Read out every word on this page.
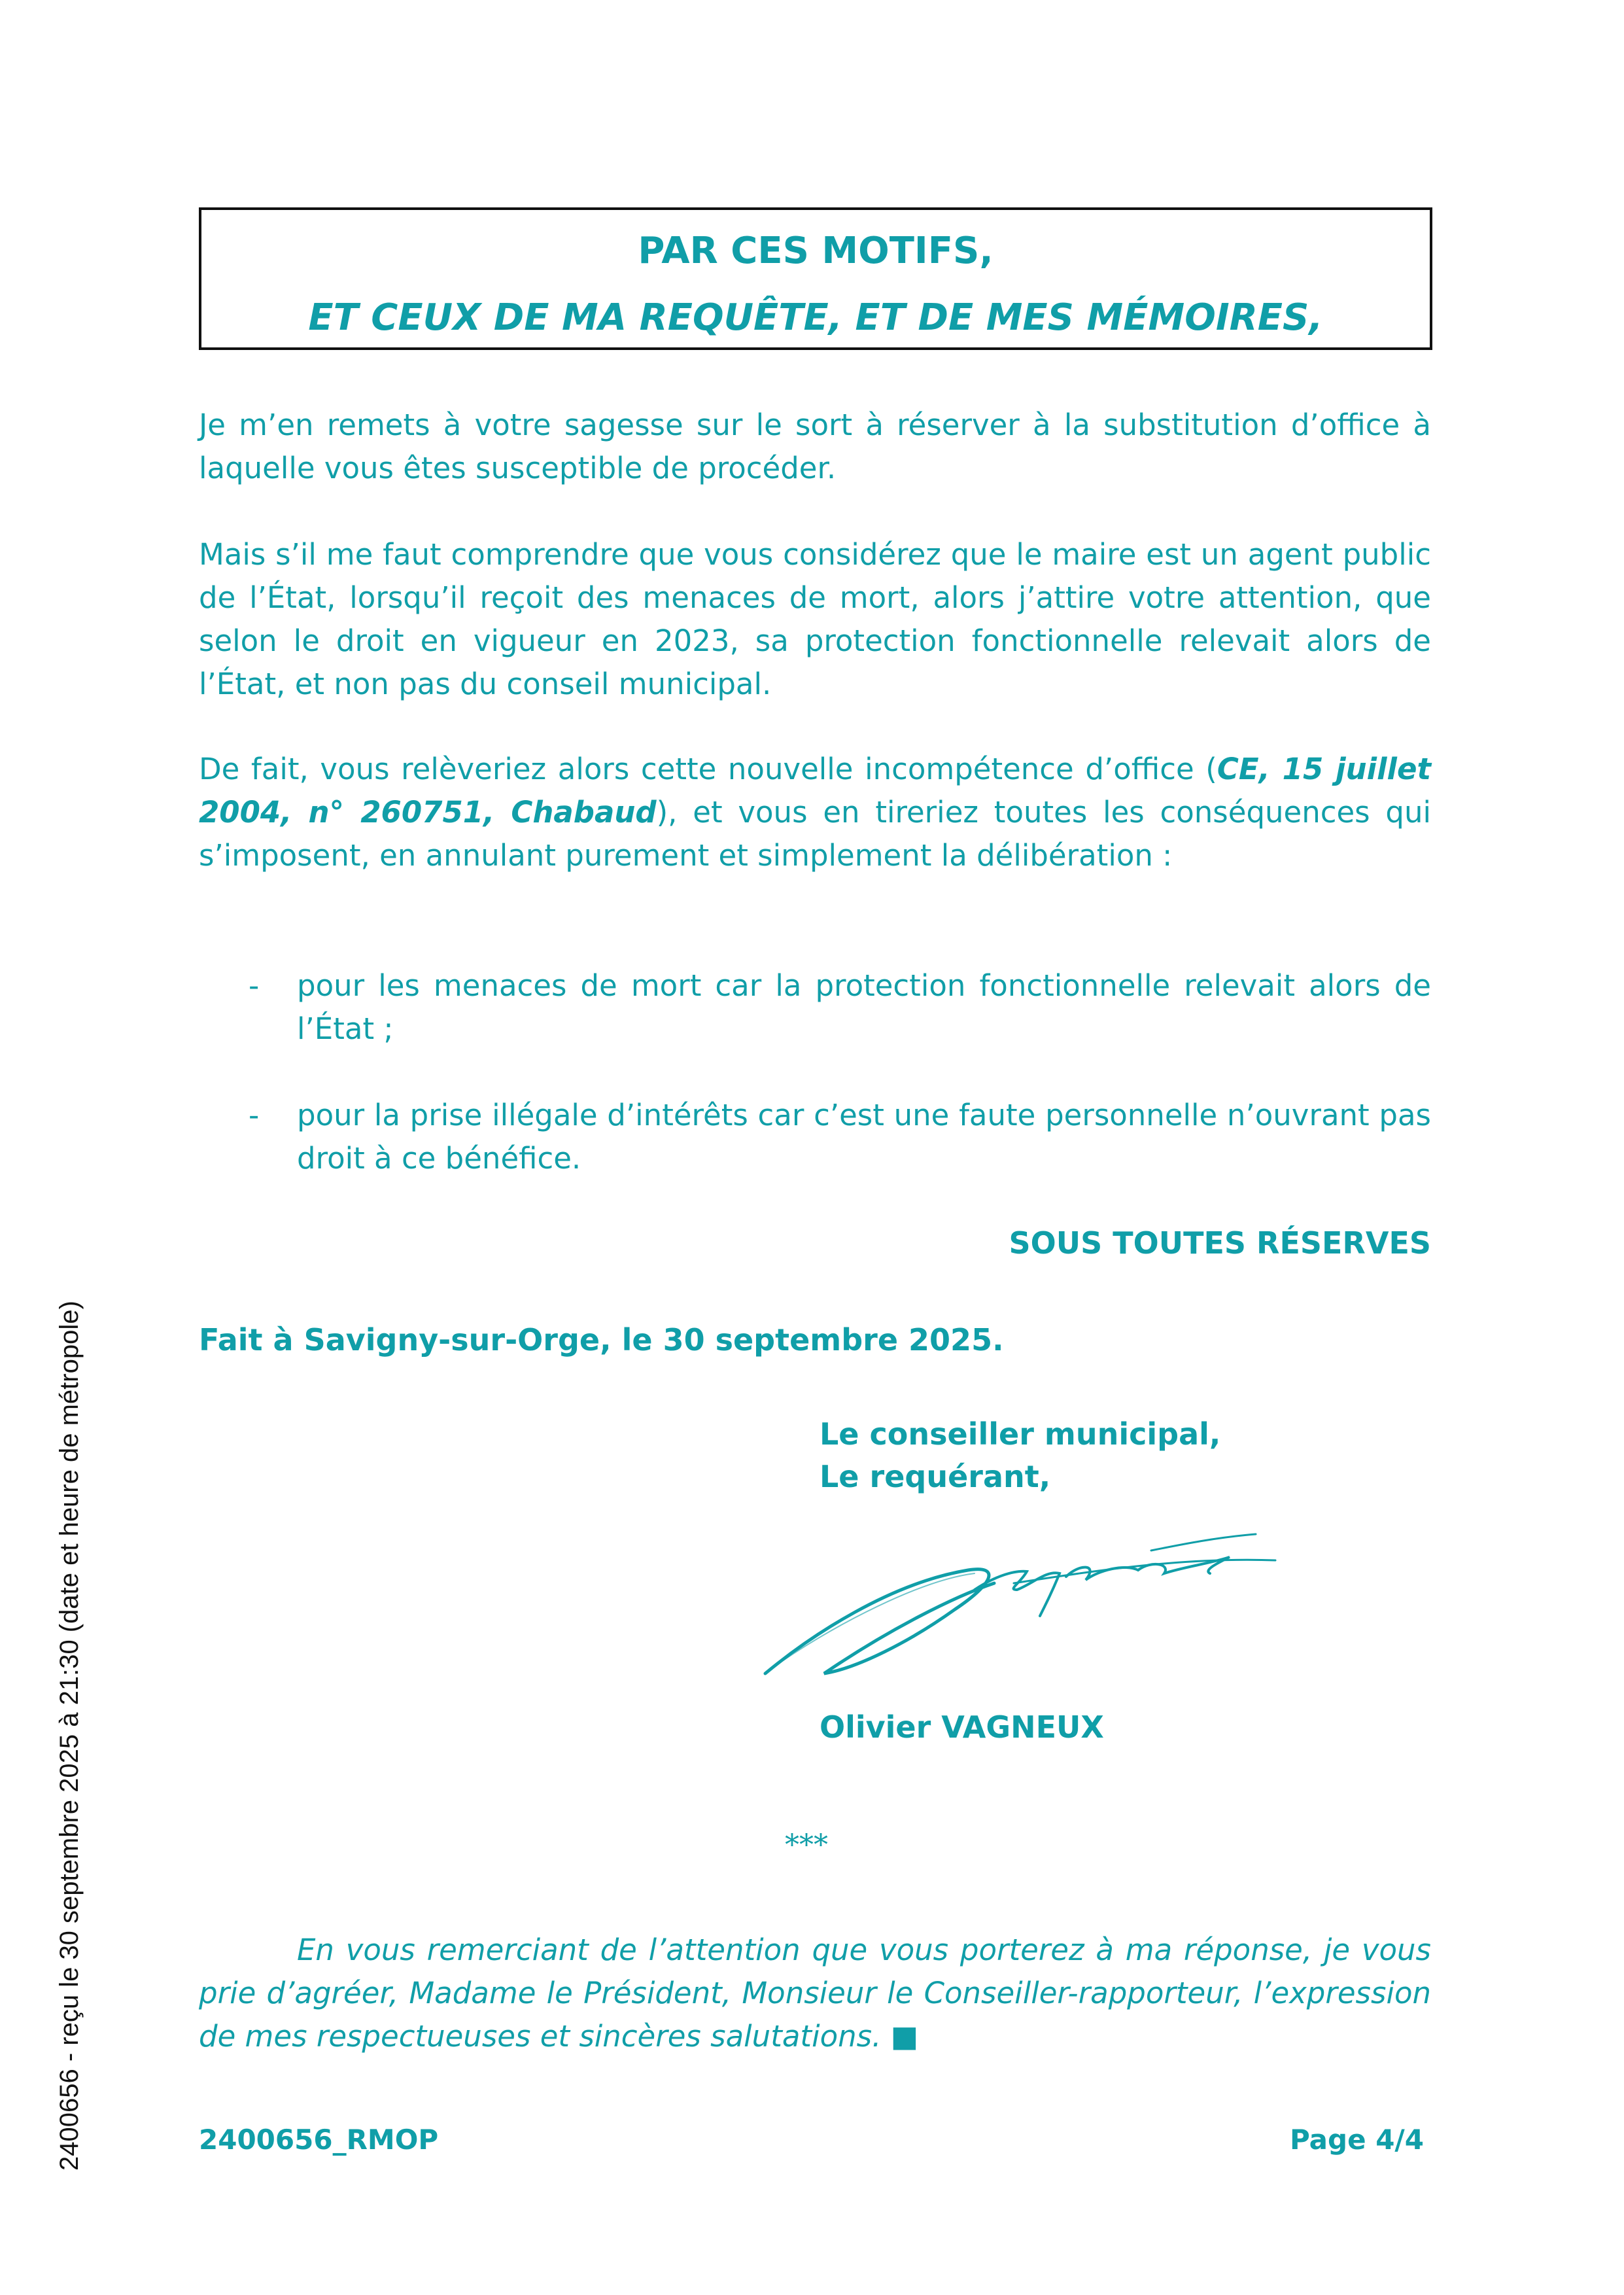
PAR CES MOTIFS,
ET CEUX DE MA REQUÊTE, ET DE MES MÉMOIRES,
Je m’en remets à votre sagesse sur le sort à réserver à la substitution d’office à laquelle vous êtes susceptible de procéder.
Mais s’il me faut comprendre que vous considérez que le maire est un agent public de l’État, lorsqu’il reçoit des menaces de mort, alors j’attire votre attention, que selon le droit en vigueur en 2023, sa protection fonctionnelle relevait alors de l’État, et non pas du conseil municipal.
De fait, vous relèveriez alors cette nouvelle incompétence d’office (CE, 15 juillet 2004, n° 260751, Chabaud), et vous en tireriez toutes les conséquences qui s’imposent, en annulant purement et simplement la délibération :
- pour les menaces de mort car la protection fonctionnelle relevait alors de l’État ;
- pour la prise illégale d’intérêts car c’est une faute personnelle n’ouvrant pas droit à ce bénéfice.
SOUS TOUTES RÉSERVES
Fait à Savigny-sur-Orge, le 30 septembre 2025.
Le conseiller municipal,
Le requérant,
Olivier VAGNEUX
***
En vous remerciant de l’attention que vous porterez à ma réponse, je vous prie d’agréer, Madame le Président, Monsieur le Conseiller-rapporteur, l’expression de mes respectueuses et sincères salutations. ■
2400656_RMOP	Page 4/4
2400656 - reçu le 30 septembre 2025 à 21:30 (date et heure de métropole)
